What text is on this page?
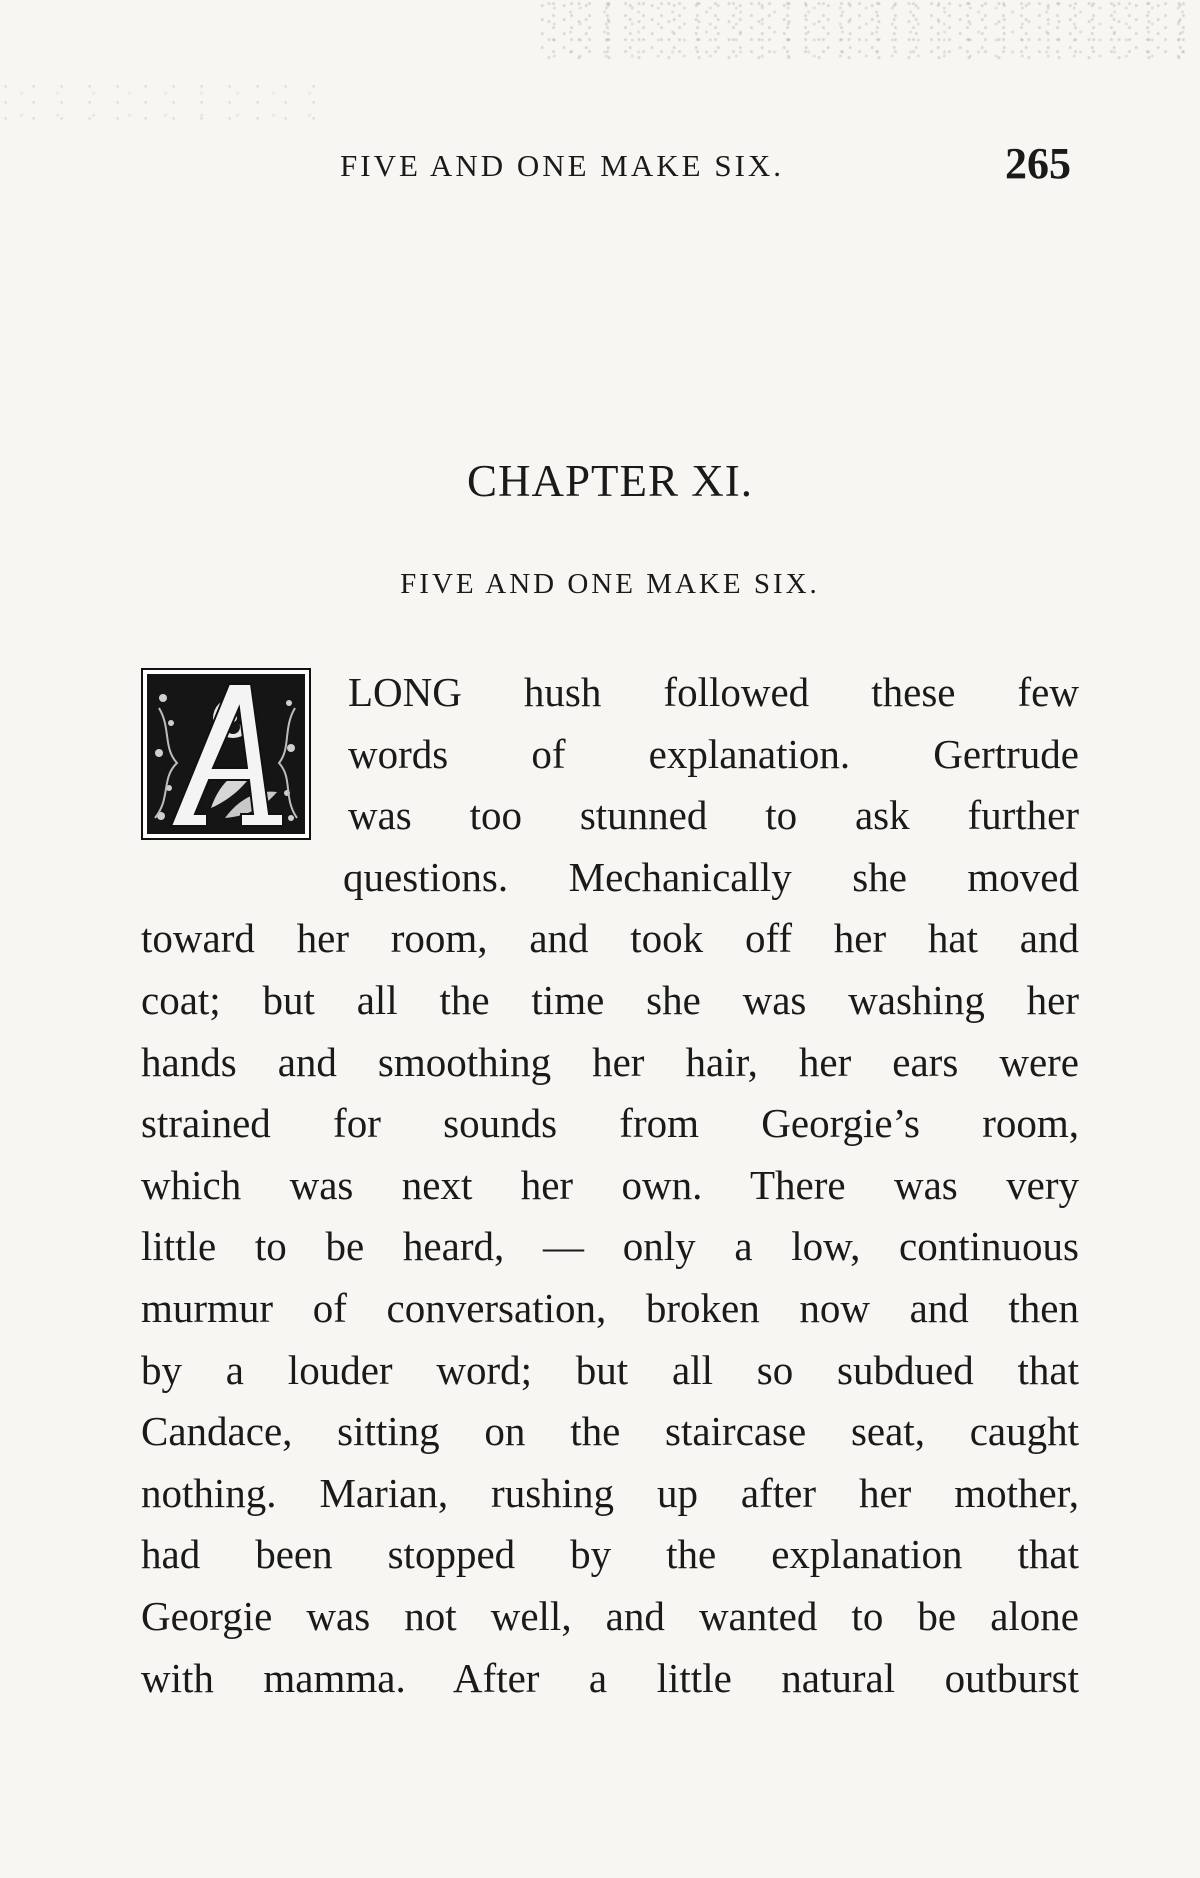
FIVE AND ONE MAKE SIX.	265
CHAPTER XI.
FIVE AND ONE MAKE SIX.
A
LONG hush followed these few
words of explanation. Gertrude
was too stunned to ask further
questions. Mechanically she moved
toward her room, and took off her hat and
coat; but all the time she was washing her
hands and smoothing her hair, her ears were
strained for sounds from Georgie’s room,
which was next her own. There was very
little to be heard, — only a low, continuous
murmur of conversation, broken now and then
by a louder word; but all so subdued that
Candace, sitting on the staircase seat, caught
nothing. Marian, rushing up after her mother,
had been stopped by the explanation that
Georgie was not well, and wanted to be alone
with mamma. After a little natural outburst
